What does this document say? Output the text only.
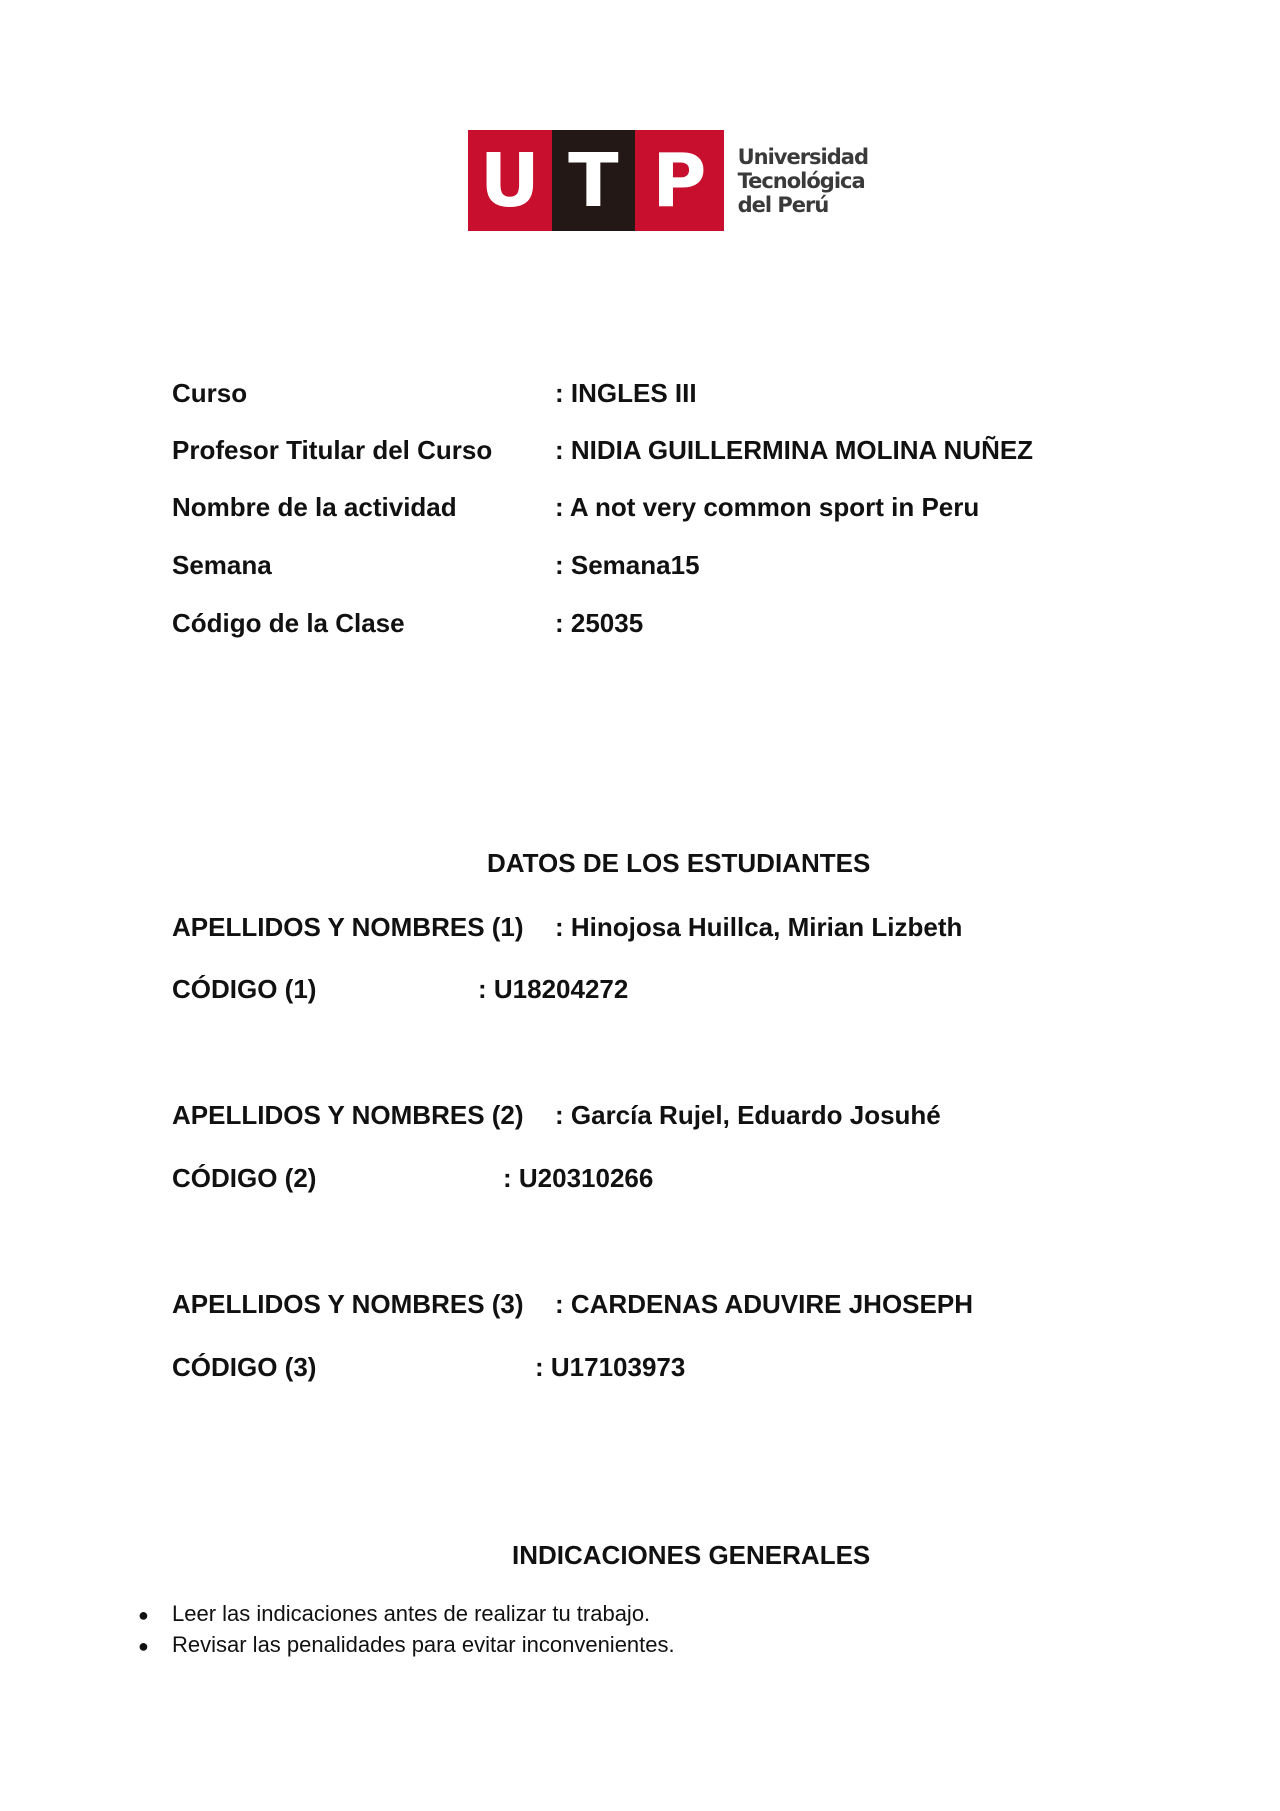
U T P	Universidad
Tecnológica
del Perú
Curso	: INGLES III
Profesor Titular del Curso : NIDIA GUILLERMINA MOLINA NUÑEZ
Nombre de la actividad	: A not very common sport in Peru
Semana	: Semana15
Código de la Clase	: 25035
DATOS DE LOS ESTUDIANTES
APELLIDOS Y NOMBRES (1) : Hinojosa Huillca, Mirian Lizbeth
CÓDIGO (1)	: U18204272
APELLIDOS Y NOMBRES (2) : García Rujel, Eduardo Josuhé
CÓDIGO (2)	: U20310266
APELLIDOS Y NOMBRES (3) : CARDENAS ADUVIRE JHOSEPH
CÓDIGO (3)	: U17103973
INDICACIONES GENERALES
●	Leer las indicaciones antes de realizar tu trabajo.
●	Revisar las penalidades para evitar inconvenientes.
